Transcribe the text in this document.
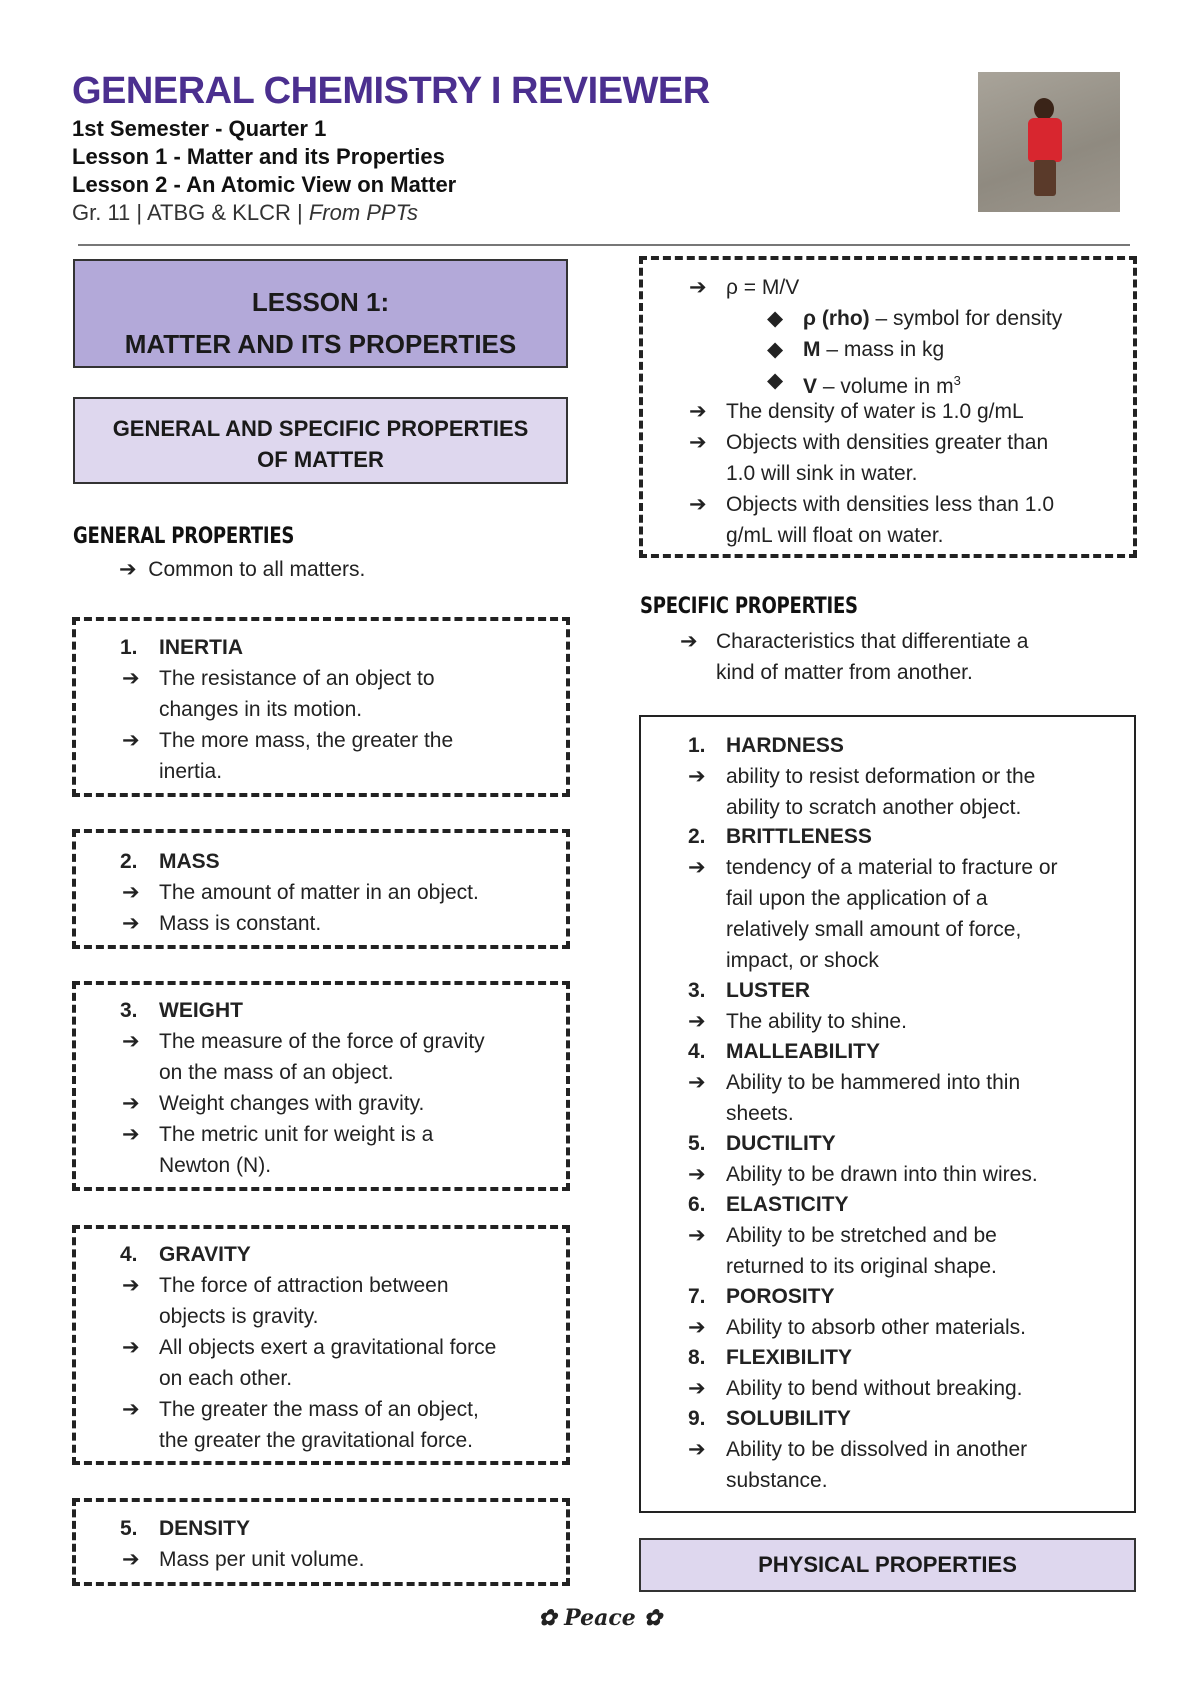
GENERAL CHEMISTRY I REVIEWER
1st Semester - Quarter 1
Lesson 1 - Matter and its Properties
Lesson 2 - An Atomic View on Matter
Gr. 11 | ATBG & KLCR | From PPTs
LESSON 1:
MATTER AND ITS PROPERTIES
GENERAL AND SPECIFIC PROPERTIES
OF MATTER
GENERAL PROPERTIES
➔ Common to all matters.
1. INERTIA
➔ The resistance of an object to
changes in its motion.
➔ The more mass, the greater the
inertia.
2. MASS
➔ The amount of matter in an object.
➔ Mass is constant.
3. WEIGHT
➔ The measure of the force of gravity
on the mass of an object.
➔ Weight changes with gravity.
➔ The metric unit for weight is a
Newton (N).
4. GRAVITY
➔ The force of attraction between
objects is gravity.
➔ All objects exert a gravitational force
on each other.
➔ The greater the mass of an object,
the greater the gravitational force.
5. DENSITY
➔ Mass per unit volume.
➔ ρ = M/V
◆ ρ (rho) – symbol for density
◆ M – mass in kg
◆ V – volume in $m^3$
➔ The density of water is 1.0 g/mL
➔ Objects with densities greater than
1.0 will sink in water.
➔ Objects with densities less than 1.0
g/mL will float on water.
SPECIFIC PROPERTIES
➔ Characteristics that differentiate a
kind of matter from another.
1. HARDNESS
➔ ability to resist deformation or the
ability to scratch another object.
2. BRITTLENESS
➔ tendency of a material to fracture or
fail upon the application of a
relatively small amount of force,
impact, or shock
3. LUSTER
➔ The ability to shine.
4. MALLEABILITY
➔ Ability to be hammered into thin
sheets.
5. DUCTILITY
➔ Ability to be drawn into thin wires.
6. ELASTICITY
➔ Ability to be stretched and be
returned to its original shape.
7. POROSITY
➔ Ability to absorb other materials.
8. FLEXIBILITY
➔ Ability to bend without breaking.
9. SOLUBILITY
➔ Ability to be dissolved in another
substance.
PHYSICAL PROPERTIES
✿ Peace ✿
